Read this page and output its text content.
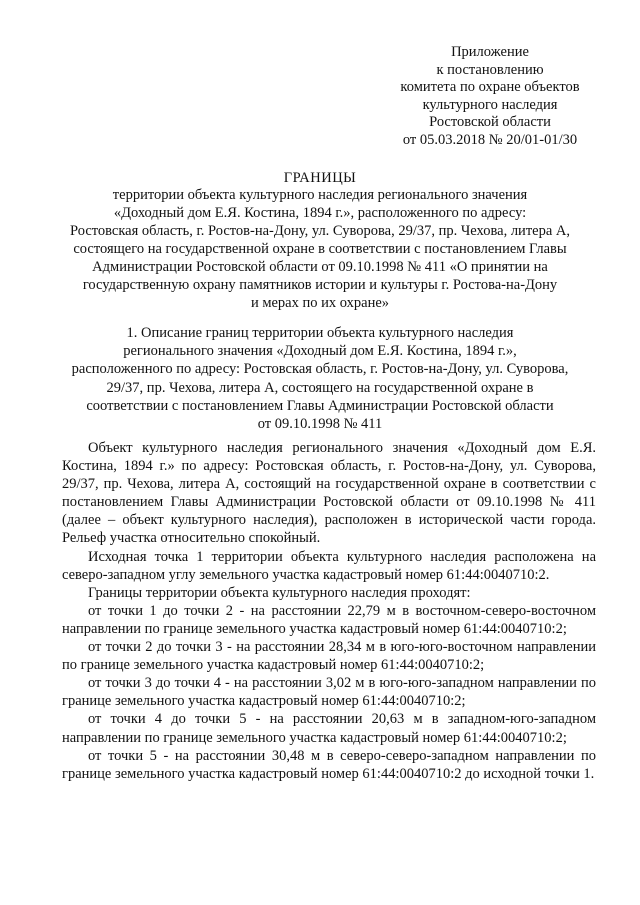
Приложение
к постановлению
комитета по охране объектов
культурного наследия
Ростовской области
от 05.03.2018 № 20/01-01/30
ГРАНИЦЫ
территории объекта культурного наследия регионального значения
«Доходный дом Е.Я. Костина, 1894 г.», расположенного по адресу:
Ростовская область, г. Ростов-на-Дону, ул. Суворова, 29/37, пр. Чехова, литера А,
состоящего на государственной охране в соответствии с постановлением Главы
Администрации Ростовской области от 09.10.1998 № 411 «О принятии на
государственную охрану памятников истории и культуры г. Ростова-на-Дону
и мерах по их охране»
1. Описание границ территории объекта культурного наследия
регионального значения «Доходный дом Е.Я. Костина, 1894 г.»,
расположенного по адресу: Ростовская область, г. Ростов-на-Дону, ул. Суворова,
29/37, пр. Чехова, литера А, состоящего на государственной охране в
соответствии с постановлением Главы Администрации Ростовской области
от 09.10.1998 № 411

Объект культурного наследия регионального значения «Доходный дом Е.Я. Костина, 1894 г.» по адресу: Ростовская область, г. Ростов-на-Дону, ул. Суворова, 29/37, пр. Чехова, литера А, состоящий на государственной охране в соответствии с постановлением Главы Администрации Ростовской области от 09.10.1998 № 411 (далее – объект культурного наследия), расположен в исторической части города. Рельеф участка относительно спокойный.

Исходная точка 1 территории объекта культурного наследия расположена на северо-западном углу земельного участка кадастровый номер 61:44:0040710:2.

Границы территории объекта культурного наследия проходят:

от точки 1 до точки 2 - на расстоянии 22,79 м в восточном-северо-восточном направлении по границе земельного участка кадастровый номер 61:44:0040710:2;

от точки 2 до точки 3 - на расстоянии 28,34 м в юго-юго-восточном направлении по границе земельного участка кадастровый номер 61:44:0040710:2;

от точки 3 до точки 4 - на расстоянии 3,02 м в юго-юго-западном направлении по границе земельного участка кадастровый номер 61:44:0040710:2;

от точки 4 до точки 5 - на расстоянии 20,63 м в западном-юго-западном направлении по границе земельного участка кадастровый номер 61:44:0040710:2;

от точки 5 - на расстоянии 30,48 м в северо-северо-западном направлении по границе земельного участка кадастровый номер 61:44:0040710:2 до исходной точки 1.
